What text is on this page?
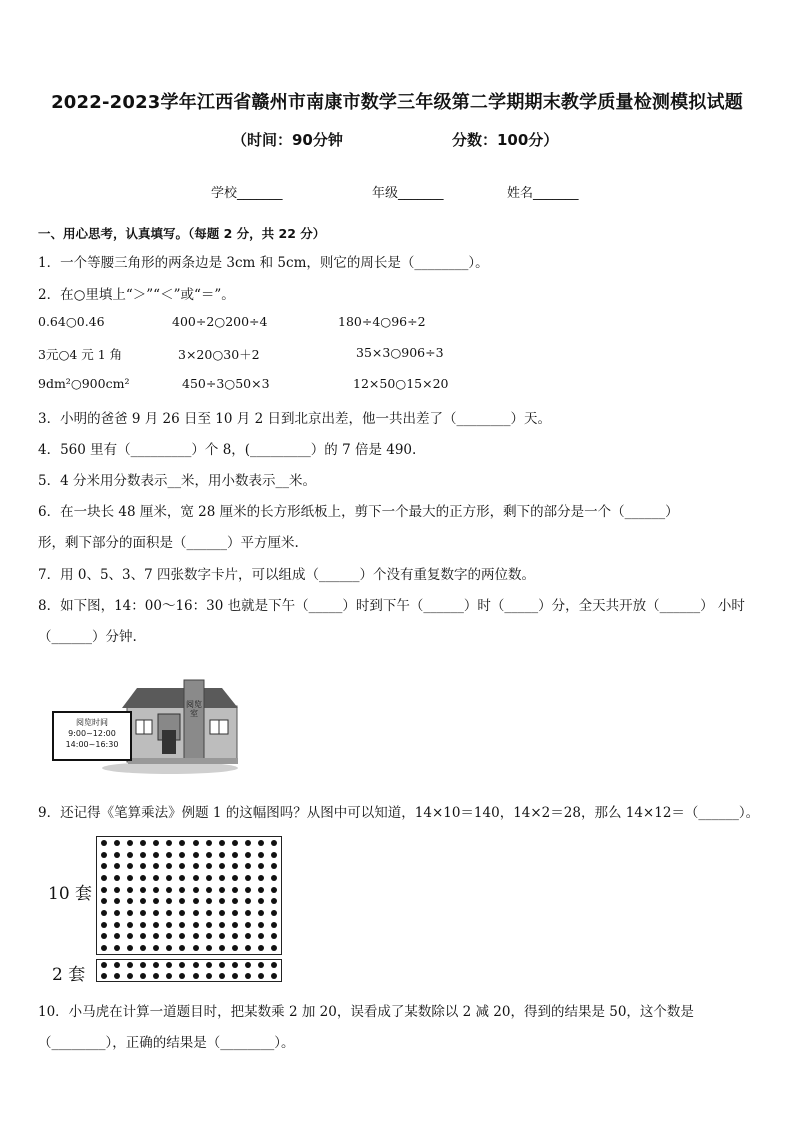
2022-2023学年江西省赣州市南康市数学三年级第二学期期末教学质量检测模拟试题
（时间：90分钟	分数：100分）
学校_______	年级_______	姓名_______
一、用心思考，认真填写。（每题 2 分，共 22 分）
1．一个等腰三角形的两条边是 3cm 和 5cm，则它的周长是（________）。
2．在○里填上“＞”“＜”或“＝”。
0.64○0.46	400÷2○200÷4	180÷4○96÷2
3元○4 元 1 角	3×20○30＋2	35×3○906÷3
9dm²○900cm²	450÷3○50×3	12×50○15×20
3．小明的爸爸 9 月 26 日至 10 月 2 日到北京出差，他一共出差了（________）天。
4．560 里有（_________）个 8，(_________）的 7 倍是 490.
5．4 分米用分数表示__米，用小数表示__米。
6．在一块长 48 厘米，宽 28 厘米的长方形纸板上，剪下一个最大的正方形，剩下的部分是一个（______）
形，剩下部分的面积是（______）平方厘米.
7．用 0、5、3、7 四张数字卡片，可以组成（______）个没有重复数字的两位数。
8．如下图，14：00～16：30 也就是下午（_____）时到下午（______）时（_____）分，全天共开放（______） 小时
（______）分钟.
阅览室
阅览时间
9:00~12:00
14:00~16:30
9．还记得《笔算乘法》例题 1 的这幅图吗？从图中可以知道，14×10＝140，14×2＝28，那么 14×12＝（______）。
10 套
2 套
10．小马虎在计算一道题目时，把某数乘 2 加 20，误看成了某数除以 2 减 20，得到的结果是 50，这个数是
（________），正确的结果是（________）。
